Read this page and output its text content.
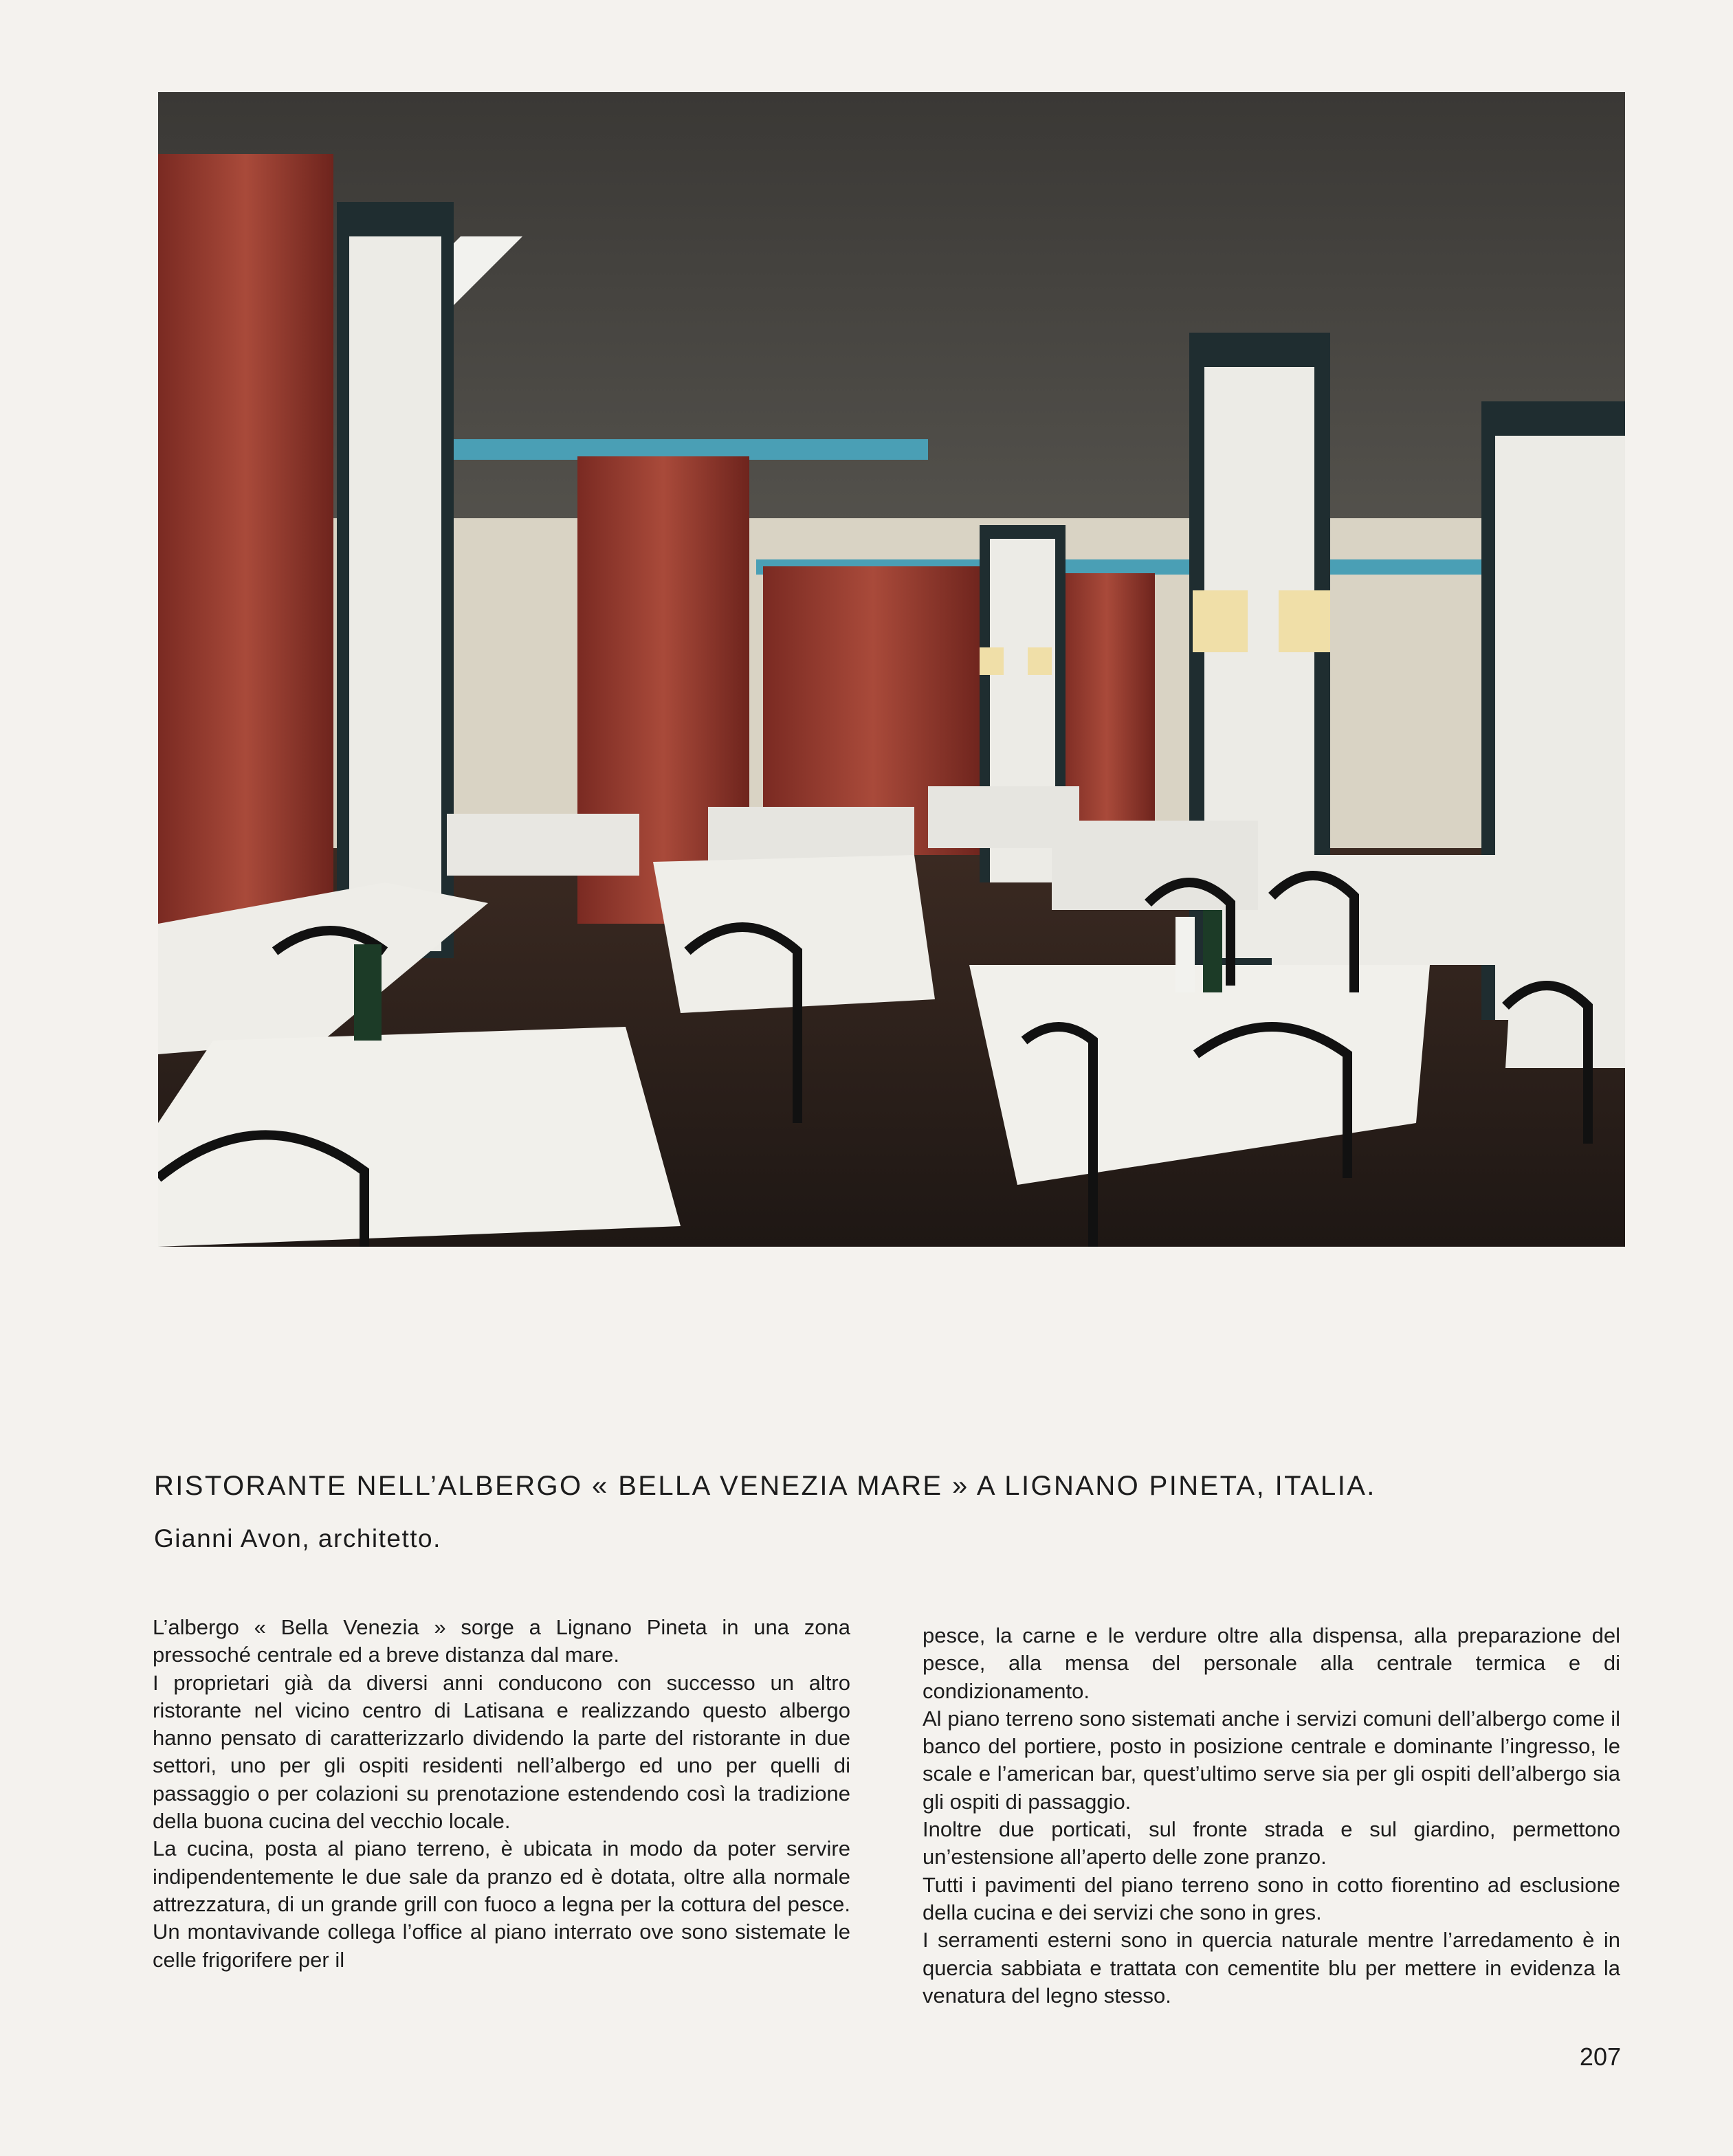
RISTORANTE NELL’ALBERGO « BELLA VENEZIA MARE » A LIGNANO PINETA, ITALIA.

Gianni Avon, architetto.

L’albergo « Bella Venezia » sorge a Lignano Pineta in una zona pressoché centrale ed a breve distanza dal mare.

I proprietari già da diversi anni conducono con successo un altro ristorante nel vicino centro di Latisana e realizzando questo albergo hanno pensato di caratterizzarlo dividendo la parte del ristorante in due settori, uno per gli ospiti residenti nell’albergo ed uno per quelli di passaggio o per colazioni su prenotazione estendendo così la tradizione della buona cucina del vecchio locale.

La cucina, posta al piano terreno, è ubicata in modo da poter servire indipendentemente le due sale da pranzo ed è dotata, oltre alla normale attrezzatura, di un grande grill con fuoco a legna per la cottura del pesce. Un montavivande collega l’office al piano interrato ove sono sistemate le celle frigorifere per il

pesce, la carne e le verdure oltre alla dispensa, alla preparazione del pesce, alla mensa del personale alla centrale termica e di condizionamento.

Al piano terreno sono sistemati anche i servizi comuni dell’albergo come il banco del portiere, posto in posizione centrale e dominante l’ingresso, le scale e l’american bar, quest’ultimo serve sia per gli ospiti dell’albergo sia gli ospiti di passaggio.

Inoltre due porticati, sul fronte strada e sul giardino, permettono un’estensione all’aperto delle zone pranzo.

Tutti i pavimenti del piano terreno sono in cotto fiorentino ad esclusione della cucina e dei servizi che sono in gres.

I serramenti esterni sono in quercia naturale mentre l’arredamento è in quercia sabbiata e trattata con cementite blu per mettere in evidenza la venatura del legno stesso.

207
